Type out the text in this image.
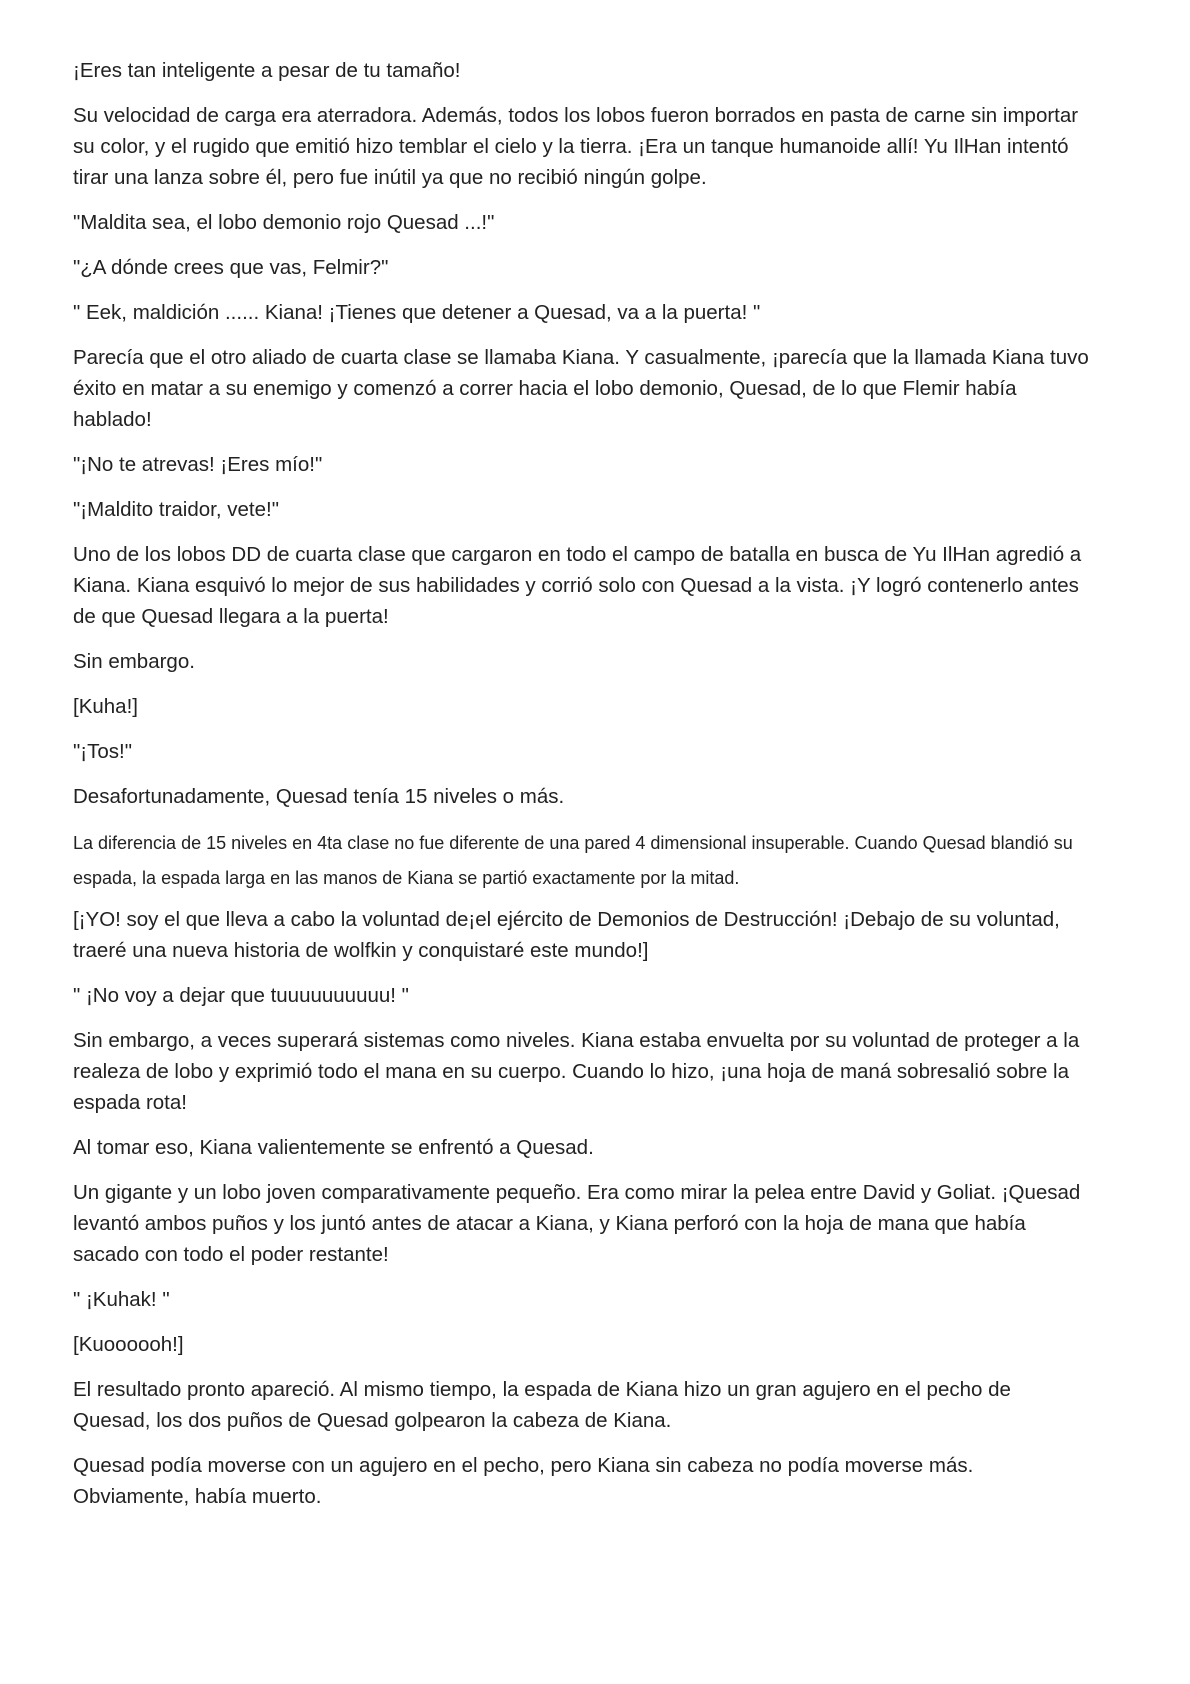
¡Eres tan inteligente a pesar de tu tamaño!

Su velocidad de carga era aterradora. Además, todos los lobos fueron borrados en pasta de carne sin importar su color, y el rugido que emitió hizo temblar el cielo y la tierra. ¡Era un tanque humanoide allí! Yu IlHan intentó tirar una lanza sobre él, pero fue inútil ya que no recibió ningún golpe.

"Maldita sea, el lobo demonio rojo Quesad ...!"

"¿A dónde crees que vas, Felmir?"

" Eek, maldición ...... Kiana! ¡Tienes que detener a Quesad, va a la puerta! "

Parecía que el otro aliado de cuarta clase se llamaba Kiana. Y casualmente, ¡parecía que la llamada Kiana tuvo éxito en matar a su enemigo y comenzó a correr hacia el lobo demonio, Quesad, de lo que Flemir había hablado!

"¡No te atrevas! ¡Eres mío!"

"¡Maldito traidor, vete!"

Uno de los lobos DD de cuarta clase que cargaron en todo el campo de batalla en busca de Yu IlHan agredió a Kiana. Kiana esquivó lo mejor de sus habilidades y corrió solo con Quesad a la vista. ¡Y logró contenerlo antes de que Quesad llegara a la puerta!

Sin embargo.

[Kuha!]

"¡Tos!"

Desafortunadamente, Quesad tenía 15 niveles o más.

La diferencia de 15 niveles en 4ta clase no fue diferente de una pared 4 dimensional insuperable. Cuando Quesad blandió su espada, la espada larga en las manos de Kiana se partió exactamente por la mitad.

[¡YO! soy el que lleva a cabo la voluntad de¡el ejército de Demonios de Destrucción! ¡Debajo de su voluntad, traeré una nueva historia de wolfkin y conquistaré este mundo!]

" ¡No voy a dejar que tuuuuuuuuuu! "

Sin embargo, a veces superará sistemas como niveles. Kiana estaba envuelta por su voluntad de proteger a la realeza de lobo y exprimió todo el mana en su cuerpo. Cuando lo hizo, ¡una hoja de maná sobresalió sobre la espada rota!

Al tomar eso, Kiana valientemente se enfrentó a Quesad.

Un gigante y un lobo joven comparativamente pequeño. Era como mirar la pelea entre David y Goliat. ¡Quesad levantó ambos puños y los juntó antes de atacar a Kiana, y Kiana perforó con la hoja de mana que había sacado con todo el poder restante!

" ¡Kuhak! "

[Kuoooooh!]

El resultado pronto apareció. Al mismo tiempo, la espada de Kiana hizo un gran agujero en el pecho de Quesad, los dos puños de Quesad golpearon la cabeza de Kiana.

Quesad podía moverse con un agujero en el pecho, pero Kiana sin cabeza no podía moverse más. Obviamente, había muerto.
